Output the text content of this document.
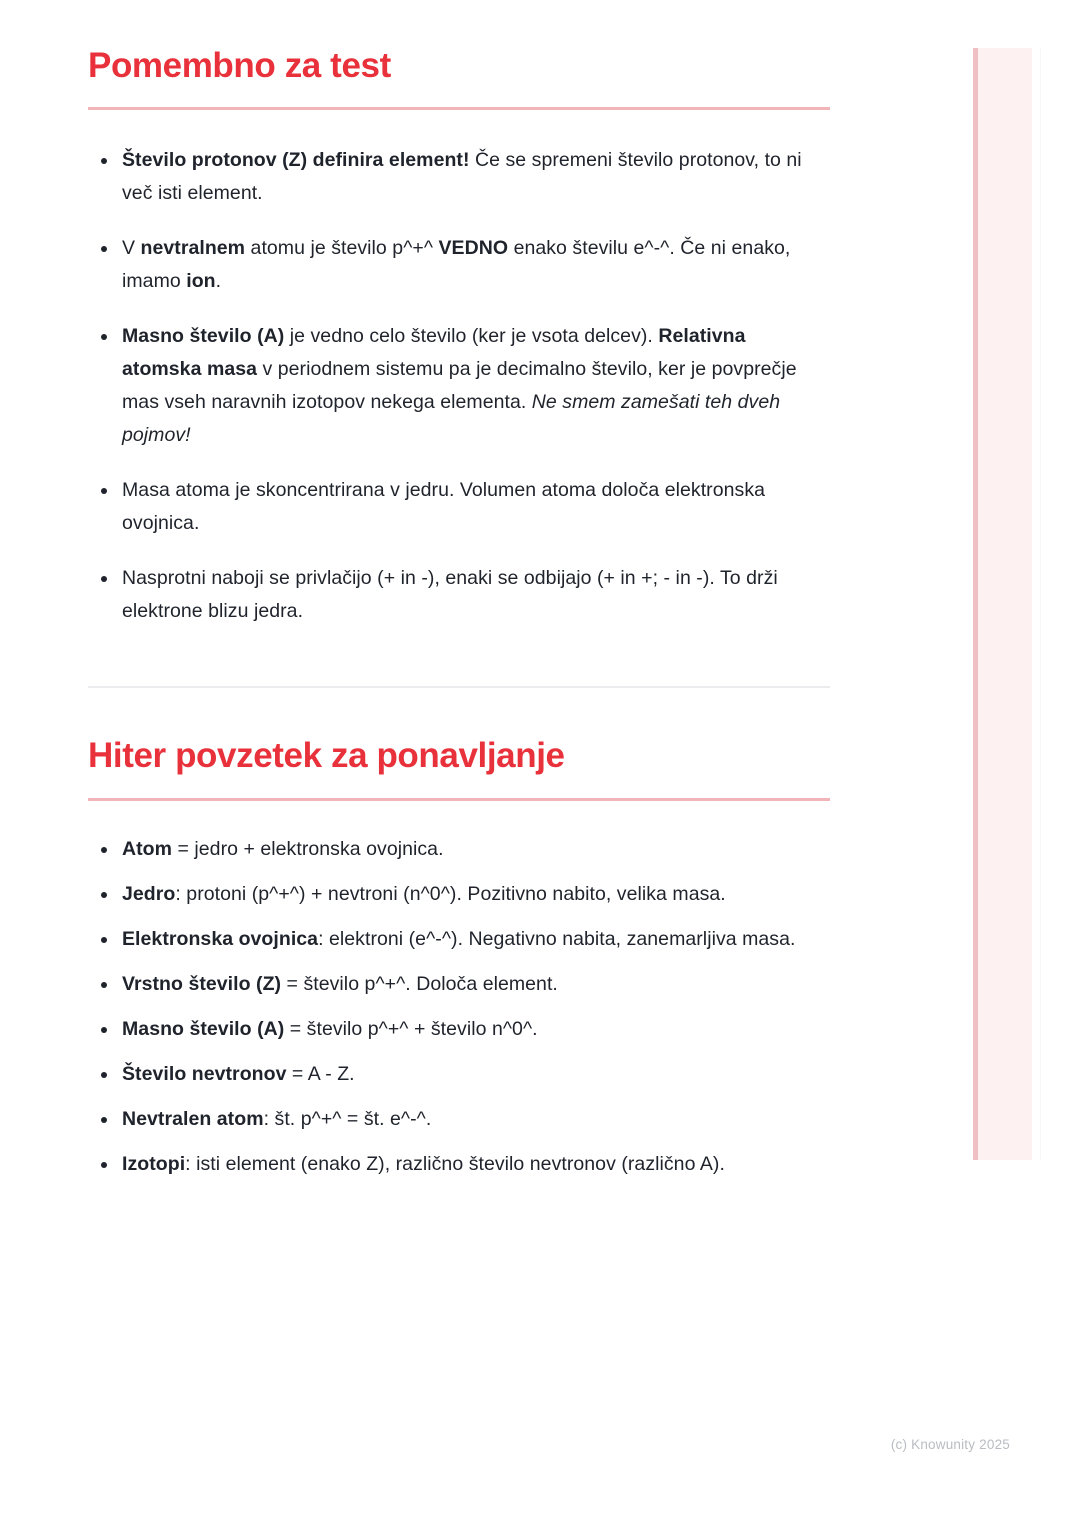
Pomembno za test
Število protonov (Z) definira element! Če se spremeni število protonov, to ni več isti element.
V nevtralnem atomu je število p^+^ VEDNO enako številu e^-^. Če ni enako, imamo ion.
Masno število (A) je vedno celo število (ker je vsota delcev). Relativna atomska masa v periodnem sistemu pa je decimalno število, ker je povprečje mas vseh naravnih izotopov nekega elementa. Ne smem zamešati teh dveh pojmov!
Masa atoma je skoncentrirana v jedru. Volumen atoma določa elektronska ovojnica.
Nasprotni naboji se privlačijo (+ in -), enaki se odbijajo (+ in +; - in -). To drži elektrone blizu jedra.
Hiter povzetek za ponavljanje
Atom = jedro + elektronska ovojnica.
Jedro: protoni (p^+^) + nevtroni (n^0^). Pozitivno nabito, velika masa.
Elektronska ovojnica: elektroni (e^-^). Negativno nabita, zanemarljiva masa.
Vrstno število (Z) = število p^+^. Določa element.
Masno število (A) = število p^+^ + število n^0^.
Število nevtronov = A - Z.
Nevtralen atom: št. p^+^ = št. e^-^.
Izotopi: isti element (enako Z), različno število nevtronov (različno A).
(c) Knowunity 2025
